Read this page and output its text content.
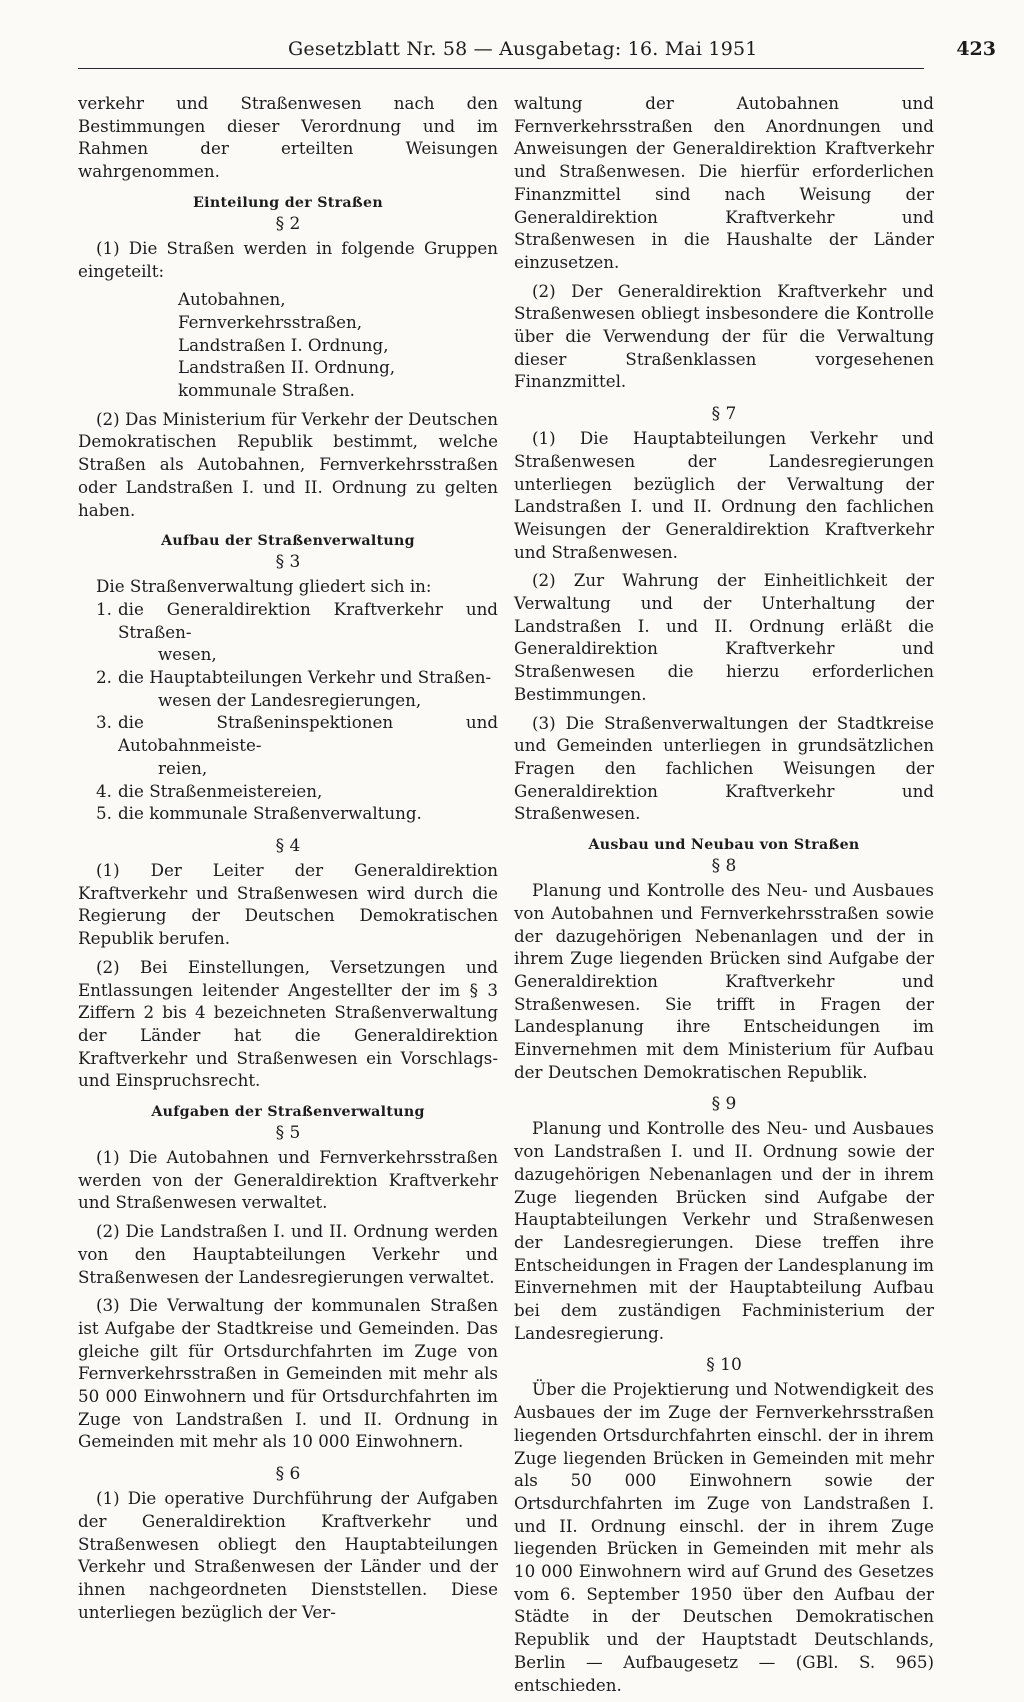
Gesetzblatt Nr. 58 — Ausgabetag: 16. Mai 1951	423

verkehr und Straßenwesen nach den Bestimmungen dieser Verordnung und im Rahmen der erteilten Weisungen wahrgenommen.

Einteilung der Straßen
§ 2

(1) Die Straßen werden in folgende Gruppen eingeteilt:

Autobahnen,
Fernverkehrsstraßen,
Landstraßen I. Ordnung,
Landstraßen II. Ordnung,
kommunale Straßen.

(2) Das Ministerium für Verkehr der Deutschen Demokratischen Republik bestimmt, welche Straßen als Autobahnen, Fernverkehrsstraßen oder Landstraßen I. und II. Ordnung zu gelten haben.

Aufbau der Straßenverwaltung
§ 3

Die Straßenverwaltung gliedert sich in:

1. die Generaldirektion Kraftverkehr und Straßen-
wesen,
2. die Hauptabteilungen Verkehr und Straßen-
wesen der Landesregierungen,
3. die Straßeninspektionen und Autobahnmeiste-
reien,
4. die Straßenmeistereien,
5. die kommunale Straßenverwaltung.
§ 4

(1) Der Leiter der Generaldirektion Kraftverkehr und Straßenwesen wird durch die Regierung der Deutschen Demokratischen Republik berufen.

(2) Bei Einstellungen, Versetzungen und Entlassungen leitender Angestellter der im § 3 Ziffern 2 bis 4 bezeichneten Straßenverwaltung der Länder hat die Generaldirektion Kraftverkehr und Straßenwesen ein Vorschlags- und Einspruchsrecht.

Aufgaben der Straßenverwaltung
§ 5

(1) Die Autobahnen und Fernverkehrsstraßen werden von der Generaldirektion Kraftverkehr und Straßenwesen verwaltet.

(2) Die Landstraßen I. und II. Ordnung werden von den Hauptabteilungen Verkehr und Straßenwesen der Landesregierungen verwaltet.

(3) Die Verwaltung der kommunalen Straßen ist Aufgabe der Stadtkreise und Gemeinden. Das gleiche gilt für Ortsdurchfahrten im Zuge von Fernverkehrsstraßen in Gemeinden mit mehr als 50 000 Einwohnern und für Ortsdurchfahrten im Zuge von Landstraßen I. und II. Ordnung in Gemeinden mit mehr als 10 000 Einwohnern.

§ 6

(1) Die operative Durchführung der Aufgaben der Generaldirektion Kraftverkehr und Straßenwesen obliegt den Hauptabteilungen Verkehr und Straßenwesen der Länder und der ihnen nachgeordneten Dienststellen. Diese unterliegen bezüglich der Ver-

waltung der Autobahnen und Fernverkehrsstraßen den Anordnungen und Anweisungen der Generaldirektion Kraftverkehr und Straßenwesen. Die hierfür erforderlichen Finanzmittel sind nach Weisung der Generaldirektion Kraftverkehr und Straßenwesen in die Haushalte der Länder einzusetzen.

(2) Der Generaldirektion Kraftverkehr und Straßenwesen obliegt insbesondere die Kontrolle über die Verwendung der für die Verwaltung dieser Straßenklassen vorgesehenen Finanzmittel.

§ 7

(1) Die Hauptabteilungen Verkehr und Straßenwesen der Landesregierungen unterliegen bezüglich der Verwaltung der Landstraßen I. und II. Ordnung den fachlichen Weisungen der Generaldirektion Kraftverkehr und Straßenwesen.

(2) Zur Wahrung der Einheitlichkeit der Verwaltung und der Unterhaltung der Landstraßen I. und II. Ordnung erläßt die Generaldirektion Kraftverkehr und Straßenwesen die hierzu erforderlichen Bestimmungen.

(3) Die Straßenverwaltungen der Stadtkreise und Gemeinden unterliegen in grundsätzlichen Fragen den fachlichen Weisungen der Generaldirektion Kraftverkehr und Straßenwesen.

Ausbau und Neubau von Straßen
§ 8

Planung und Kontrolle des Neu- und Ausbaues von Autobahnen und Fernverkehrsstraßen sowie der dazugehörigen Nebenanlagen und der in ihrem Zuge liegenden Brücken sind Aufgabe der Generaldirektion Kraftverkehr und Straßenwesen. Sie trifft in Fragen der Landesplanung ihre Entscheidungen im Einvernehmen mit dem Ministerium für Aufbau der Deutschen Demokratischen Republik.

§ 9

Planung und Kontrolle des Neu- und Ausbaues von Landstraßen I. und II. Ordnung sowie der dazugehörigen Nebenanlagen und der in ihrem Zuge liegenden Brücken sind Aufgabe der Hauptabteilungen Verkehr und Straßenwesen der Landesregierungen. Diese treffen ihre Entscheidungen in Fragen der Landesplanung im Einvernehmen mit der Hauptabteilung Aufbau bei dem zuständigen Fachministerium der Landesregierung.

§ 10

Über die Projektierung und Notwendigkeit des Ausbaues der im Zuge der Fernverkehrsstraßen liegenden Ortsdurchfahrten einschl. der in ihrem Zuge liegenden Brücken in Gemeinden mit mehr als 50 000 Einwohnern sowie der Ortsdurchfahrten im Zuge von Landstraßen I. und II. Ordnung einschl. der in ihrem Zuge liegenden Brücken in Gemeinden mit mehr als 10 000 Einwohnern wird auf Grund des Gesetzes vom 6. September 1950 über den Aufbau der Städte in der Deutschen Demokratischen Republik und der Hauptstadt Deutschlands, Berlin — Aufbaugesetz — (GBl. S. 965) entschieden.
